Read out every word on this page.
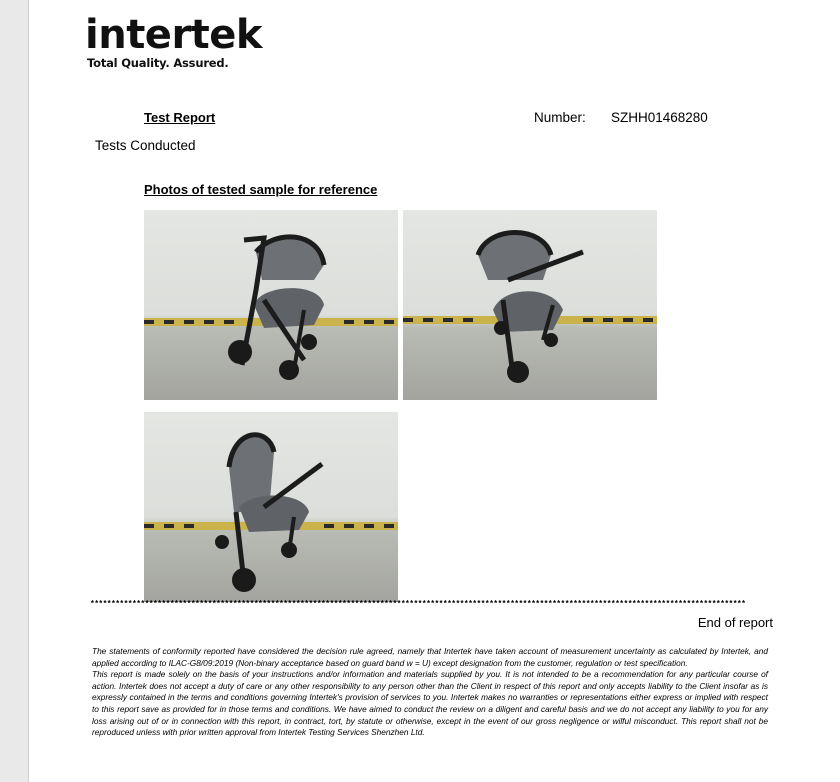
intertek
Total Quality. Assured.
Test Report	Number: SZHH01468280
Tests Conducted
Photos of tested sample for reference
************************************************************************************************************************************************************
End of report

The statements of conformity reported have considered the decision rule agreed, namely that Intertek have taken account of measurement uncertainty as calculated by Intertek, and applied according to ILAC-G8/09:2019 (Non-binary acceptance based on guard band w = U) except designation from the customer, regulation or test specification.

This report is made solely on the basis of your instructions and/or information and materials supplied by you. It is not intended to be a recommendation for any particular course of action. Intertek does not accept a duty of care or any other responsibility to any person other than the Client in respect of this report and only accepts liability to the Client insofar as is expressly contained in the terms and conditions governing Intertek's provision of services to you. Intertek makes no warranties or representations either express or implied with respect to this report save as provided for in those terms and conditions. We have aimed to conduct the review on a diligent and careful basis and we do not accept any liability to you for any loss arising out of or in connection with this report, in contract, tort, by statute or otherwise, except in the event of our gross negligence or wilful misconduct. This report shall not be reproduced unless with prior written approval from Intertek Testing Services Shenzhen Ltd.
